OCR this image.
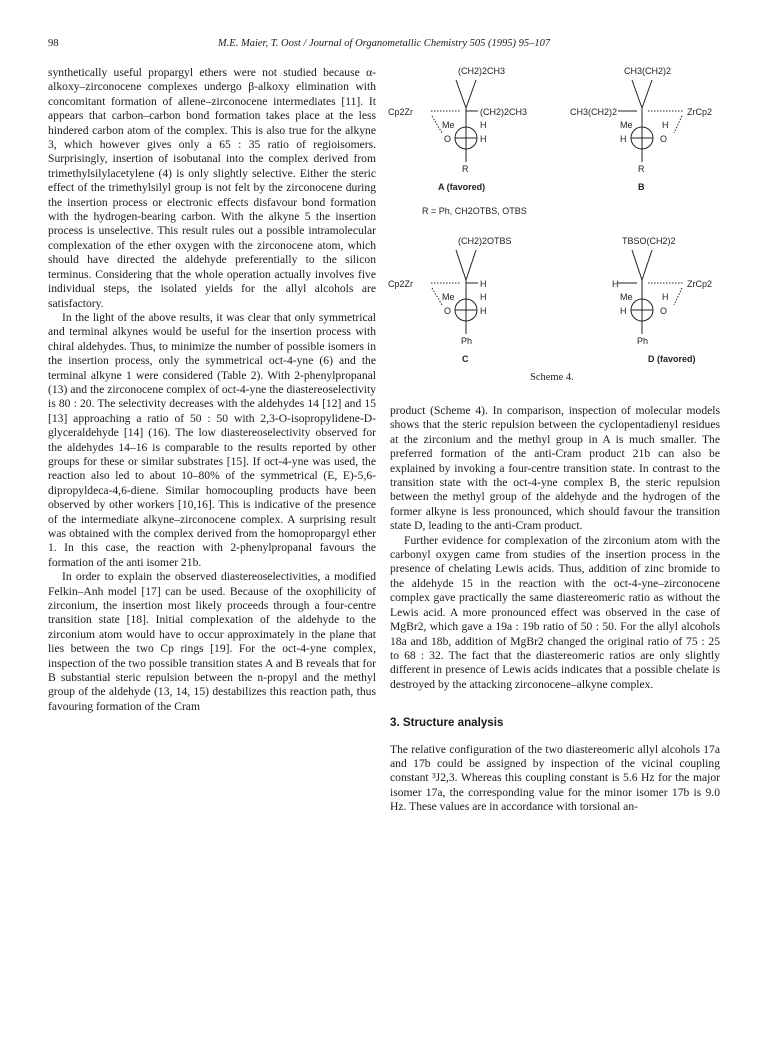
98	M.E. Maier, T. Oost / Journal of Organometallic Chemistry 505 (1995) 95–107

synthetically useful propargyl ethers were not studied because α-alkoxy–zirconocene complexes undergo β-alkoxy elimination with concomitant formation of allene–zirconocene intermediates [11]. It appears that carbon–carbon bond formation takes place at the less hindered carbon atom of the complex. This is also true for the alkyne 3, which however gives only a 65 : 35 ratio of regioisomers. Surprisingly, insertion of isobutanal into the complex derived from trimethylsilylacetylene (4) is only slightly selective. Either the steric effect of the trimethylsilyl group is not felt by the zirconocene during the insertion process or electronic effects disfavour bond formation with the hydrogen-bearing carbon. With the alkyne 5 the insertion process is unselective. This result rules out a possible intramolecular complexation of the ether oxygen with the zirconocene atom, which should have directed the aldehyde preferentially to the silicon terminus. Considering that the whole operation actually involves five individual steps, the isolated yields for the allyl alcohols are satisfactory.

In the light of the above results, it was clear that only symmetrical and terminal alkynes would be useful for the insertion process with chiral aldehydes. Thus, to minimize the number of possible isomers in the insertion process, only the symmetrical oct-4-yne (6) and the terminal alkyne 1 were considered (Table 2). With 2-phenylpropanal (13) and the zirconocene complex of oct-4-yne the diastereoselectivity is 80 : 20. The selectivity decreases with the aldehydes 14 [12] and 15 [13] approaching a ratio of 50 : 50 with 2,3-O-isopropylidene-D-glyceraldehyde [14] (16). The low diastereoselectivity observed for the aldehydes 14–16 is comparable to the results reported by other groups for these or similar substrates [15]. If oct-4-yne was used, the reaction also led to about 10–80% of the symmetrical (E, E)-5,6-dipropyldeca-4,6-diene. Similar homocoupling products have been observed by other workers [10,16]. This is indicative of the presence of the intermediate alkyne–zirconocene complex. A surprising result was obtained with the complex derived from the homopropargyl ether 1. In this case, the reaction with 2-phenylpropanal favours the formation of the anti isomer 21b.

In order to explain the observed diastereoselectivities, a modified Felkin–Anh model [17] can be used. Because of the oxophilicity of zirconium, the insertion most likely proceeds through a four-centre transition state [18]. Initial complexation of the aldehyde to the zirconium atom would have to occur approximately in the plane that lies between the two Cp rings [19]. For the oct-4-yne complex, inspection of the two possible transition states A and B reveals that for B substantial steric repulsion between the n-propyl and the methyl group of the aldehyde (13, 14, 15) destabilizes this reaction path, thus favouring formation of the Cram

(CH2)2CH3
Cp2Zr	(CH2)2CH3
Me	H
O	H
R
A (favored)
CH3(CH2)2
ZrCp2
CH3(CH2)2
Me	H
O
H
R
B
R = Ph, CH2OTBS, OTBS
(CH2)2OTBS
Cp2Zr	H
Me	H
O	H
Ph
C
TBSO(CH2)2
ZrCp2
H
Me	H
O
H
Ph
D (favored)
Scheme 4.

product (Scheme 4). In comparison, inspection of molecular models shows that the steric repulsion between the cyclopentadienyl residues at the zirconium and the methyl group in A is much smaller. The preferred formation of the anti-Cram product 21b can also be explained by invoking a four-centre transition state. In contrast to the transition state with the oct-4-yne complex B, the steric repulsion between the methyl group of the aldehyde and the hydrogen of the former alkyne is less pronounced, which should favour the transition state D, leading to the anti-Cram product.

Further evidence for complexation of the zirconium atom with the carbonyl oxygen came from studies of the insertion process in the presence of chelating Lewis acids. Thus, addition of zinc bromide to the aldehyde 15 in the reaction with the oct-4-yne–zirconocene complex gave practically the same diastereomeric ratio as without the Lewis acid. A more pronounced effect was observed in the case of MgBr2, which gave a 19a : 19b ratio of 50 : 50. For the allyl alcohols 18a and 18b, addition of MgBr2 changed the original ratio of 75 : 25 to 68 : 32. The fact that the diastereomeric ratios are only slightly different in presence of Lewis acids indicates that a possible chelate is destroyed by the attacking zirconocene–alkyne complex.

3. Structure analysis

The relative configuration of the two diastereomeric allyl alcohols 17a and 17b could be assigned by inspection of the vicinal coupling constant ³J2,3. Whereas this coupling constant is 5.6 Hz for the major isomer 17a, the corresponding value for the minor isomer 17b is 9.0 Hz. These values are in accordance with torsional an-
